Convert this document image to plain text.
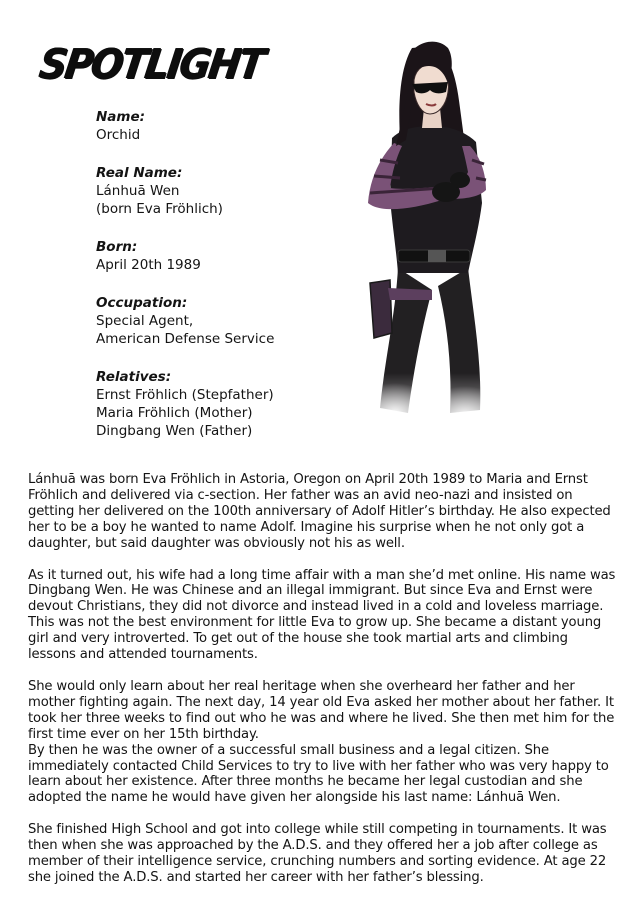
SPOTLIGHT
Name:
Orchid
Real Name:
Lánhuā Wen
(born Eva Fröhlich)
Born:
April 20th 1989
Occupation:
Special Agent,
American Defense Service
Relatives:
Ernst Fröhlich (Stepfather)
Maria Fröhlich (Mother)
Dingbang Wen (Father)

Lánhuā was born Eva Fröhlich in Astoria, Oregon on April 20th 1989 to Maria and Ernst Fröhlich and delivered via c-section. Her father was an avid neo-nazi and insisted on getting her delivered on the 100th anniversary of Adolf Hitler’s birthday. He also expected her to be a boy he wanted to name Adolf. Imagine his surprise when he not only got a daughter, but said daughter was obviously not his as well.

As it turned out, his wife had a long time affair with a man she’d met online. His name was Dingbang Wen. He was Chinese and an illegal immigrant. But since Eva and Ernst were devout Christians, they did not divorce and instead lived in a cold and loveless marriage. This was not the best environment for little Eva to grow up. She became a distant young girl and very introverted. To get out of the house she took martial arts and climbing lessons and attended tournaments.

She would only learn about her real heritage when she overheard her father and her mother fighting again. The next day, 14 year old Eva asked her mother about her father. It took her three weeks to find out who he was and where he lived. She then met him for the first time ever on her 15th birthday.

By then he was the owner of a successful small business and a legal citizen. She immediately contacted Child Services to try to live with her father who was very happy to learn about her existence. After three months he became her legal custodian and she adopted the name he would have given her alongside his last name: Lánhuā Wen.

She finished High School and got into college while still competing in tournaments. It was then when she was approached by the A.D.S. and they offered her a job after college as member of their intelligence service, crunching numbers and sorting evidence. At age 22 she joined the A.D.S. and started her career with her father’s blessing.
